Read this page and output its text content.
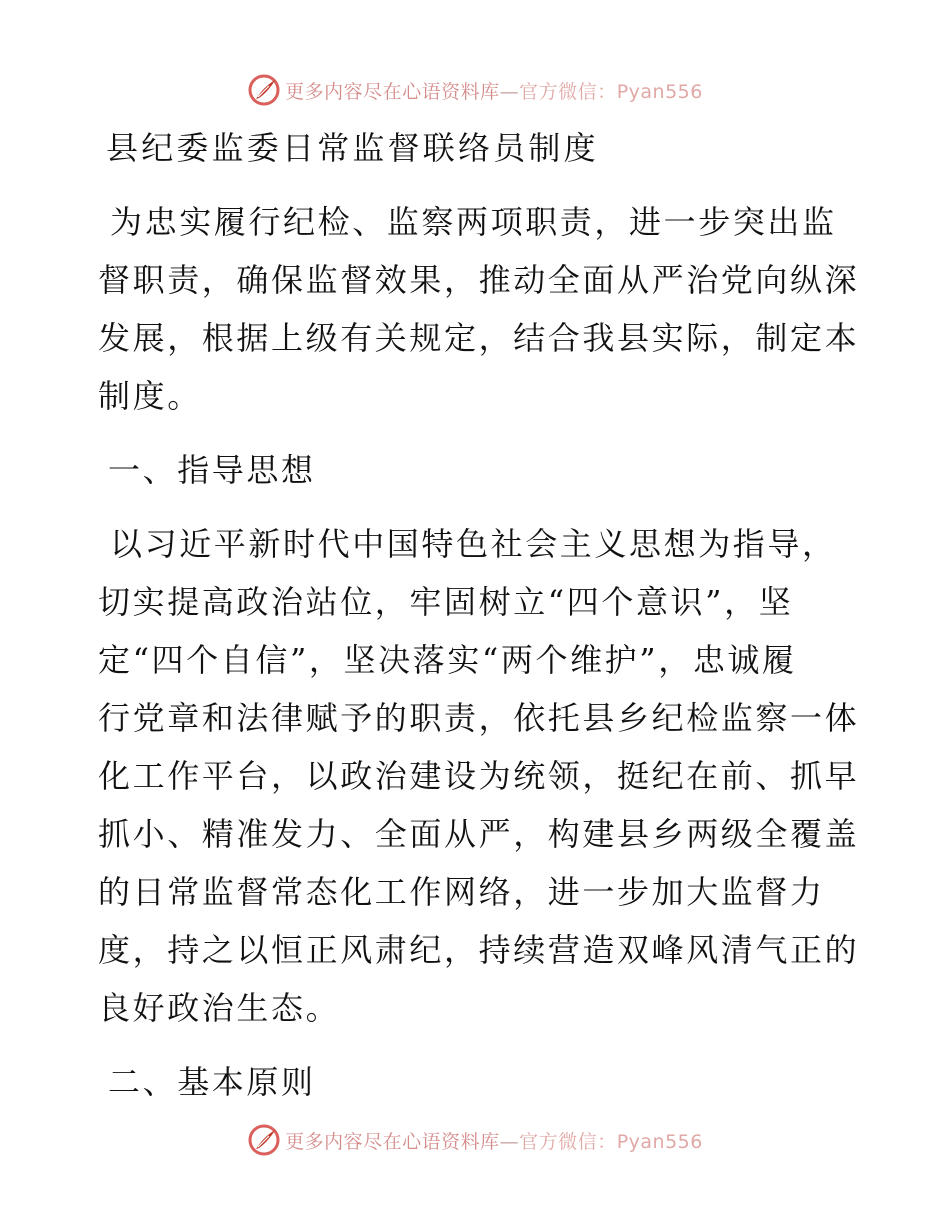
更多内容尽在心语资料库—官方微信：Pyan556
县纪委监委日常监督联络员制度
为忠实履行纪检、监察两项职责，进一步突出监
督职责，确保监督效果，推动全面从严治党向纵深
发展，根据上级有关规定，结合我县实际，制定本
制度。
一、指导思想
以习近平新时代中国特色社会主义思想为指导，
切实提高政治站位，牢固树立“四个意识”，坚
定“四个自信”，坚决落实“两个维护”，忠诚履
行党章和法律赋予的职责，依托县乡纪检监察一体
化工作平台，以政治建设为统领，挺纪在前、抓早
抓小、精准发力、全面从严，构建县乡两级全覆盖
的日常监督常态化工作网络，进一步加大监督力
度，持之以恒正风肃纪，持续营造双峰风清气正的
良好政治生态。
二、基本原则
更多内容尽在心语资料库—官方微信：Pyan556
